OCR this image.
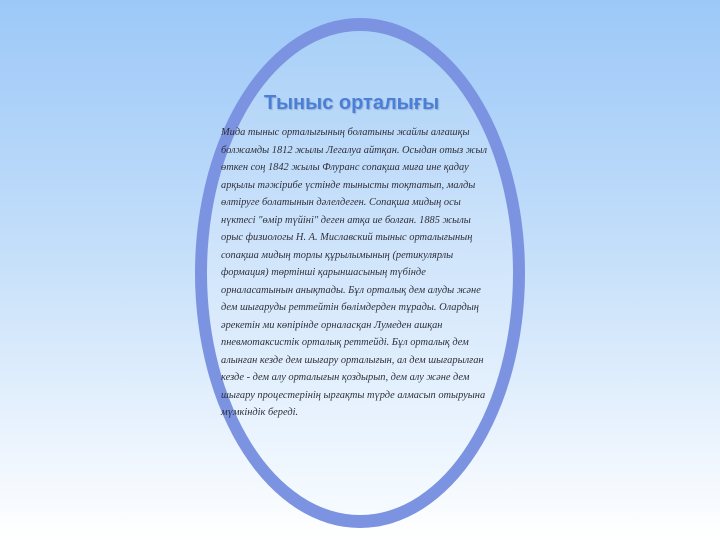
Тыныс орталығы
Мида тыныс орталығының болатыны жайлы алғашқы
болжамды 1812 жылы Легалуа айтқан. Осыдан отыз жыл
өткен соң 1842 жылы Флуранс сопақша миға ине қадау
арқылы тәжірибе үстінде тынысты тоқтатып, малды
өлтіруге болатынын дәлелдеген. Сопақша мидың осы
нүктесі "өмір түйіні" деген атқа ие болған. 1885 жылы
орыс физиологы Н. А. Миславский тыныс орталығының
сопақша мидың торлы құрылымының (ретикулярлы
формация) төртінші қарыншасының түбінде
орналасатынын анықтады. Бұл орталық дем алуды және
дем шығаруды реттейтін бөлімдерден тұрады. Олардың
әрекетін ми көпірінде орналасқан Лумеден ашқан
пневмотаксистік орталық реттейді. Бұл орталық дем
алынған кезде дем шығару орталығын, ал дем шығарылған
кезде - дем алу орталығын қоздырып, дем алу және дем
шығару процестерінің ырғақты түрде алмасып отыруына
мүмкіндік береді.
